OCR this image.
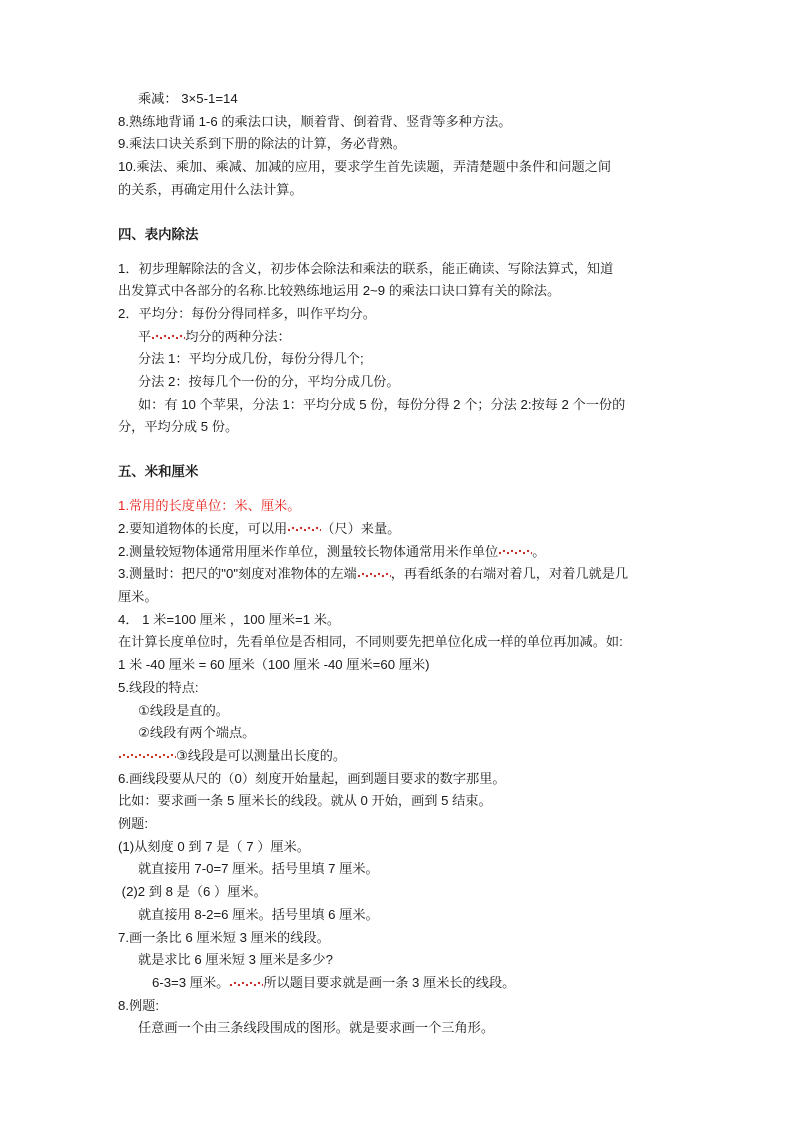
乘减： 3×5-1=14

8.熟练地背诵 1-6 的乘法口诀，顺着背、倒着背、竖背等多种方法。

9.乘法口诀关系到下册的除法的计算，务必背熟。

10.乘法、乘加、乘减、加减的应用，要求学生首先读题，弄清楚题中条件和问题之间

的关系，再确定用什么法计算。

四、表内除法

1．初步理解除法的含义，初步体会除法和乘法的联系，能正确读、写除法算式，知道

出发算式中各部分的名称.比较熟练地运用 2~9 的乘法口诀口算有关的除法。

2．平均分：每份分得同样多，叫作平均分。

平	均分的两种分法：

分法 1：平均分成几份，每份分得几个;

分法 2：按每几个一份的分，平均分成几份。

如：有 10 个苹果，分法 1：平均分成 5 份，每份分得 2 个；分法 2:按每 2 个一份的

分，平均分成 5 份。

五、米和厘米

1.常用的长度单位：米、厘米。

2.要知道物体的长度，可以用	（尺）来量。

2.测量较短物体通常用厘米作单位，测量较长物体通常用米作单位	。

3.测量时：把尺的"0"刻度对准物体的左端	，再看纸条的右端对着几，对着几就是几

厘米。

4． 1 米=100 厘米 ，100 厘米=1 米。

在计算长度单位时，先看单位是否相同，不同则要先把单位化成一样的单位再加减。如:

1 米 -40 厘米 = 60 厘米（100 厘米 -40 厘米=60 厘米)

5.线段的特点:

①线段是直的。

②线段有两个端点。

③线段是可以测量出长度的。

6.画线段要从尺的（0）刻度开始量起，画到题目要求的数字那里。

比如：要求画一条 5 厘米长的线段。就从 0 开始，画到 5 结束。

例题:

(1)从刻度 0 到 7 是（ 7 ）厘米。

就直接用 7-0=7 厘米。括号里填 7 厘米。

(2)2 到 8 是（6 ）厘米。

就直接用 8-2=6 厘米。括号里填 6 厘米。

7.画一条比 6 厘米短 3 厘米的线段。

就是求比 6 厘米短 3 厘米是多少?

6-3=3 厘米。	所以题目要求就是画一条 3 厘米长的线段。

8.例题:

任意画一个由三条线段围成的图形。就是要求画一个三角形。
